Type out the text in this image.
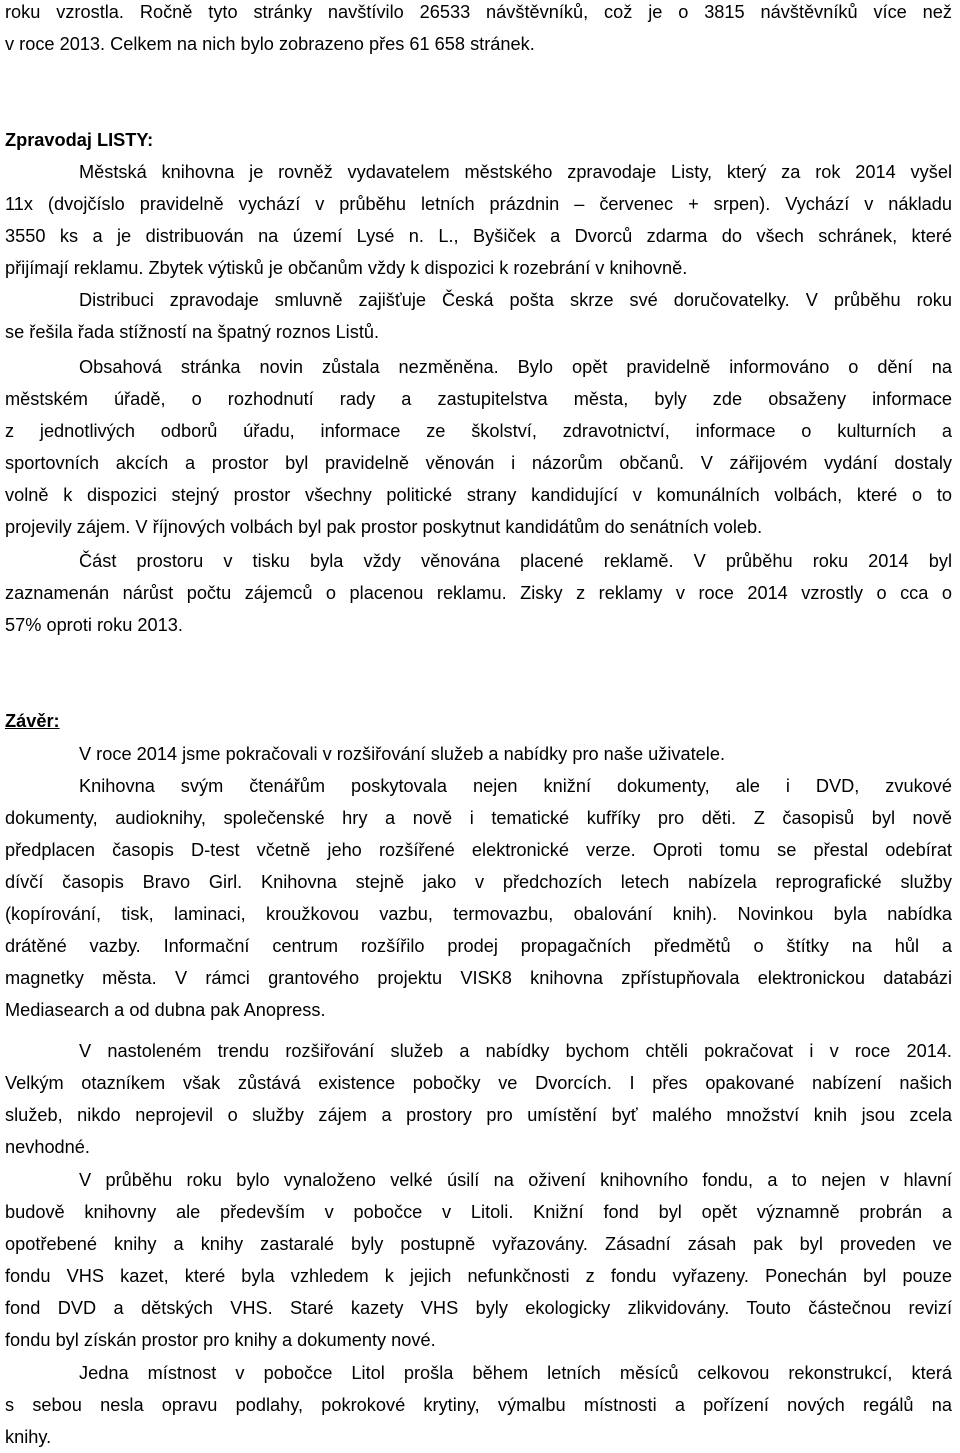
roku vzrostla. Ročně tyto stránky navštívilo 26533 návštěvníků, což je o 3815 návštěvníků více než
v roce 2013. Celkem na nich bylo zobrazeno přes 61 658 stránek.
Zpravodaj LISTY:
Městská knihovna je rovněž vydavatelem městského zpravodaje Listy, který za rok 2014 vyšel
11x (dvojčíslo pravidelně vychází v průběhu letních prázdnin – červenec + srpen). Vychází v nákladu
3550 ks a je distribuován na území Lysé n. L., Byšiček a Dvorců zdarma do všech schránek, které
přijímají reklamu. Zbytek výtisků je občanům vždy k dispozici k rozebrání v knihovně.
Distribuci zpravodaje smluvně zajišťuje Česká pošta skrze své doručovatelky. V průběhu roku
se řešila řada stížností na špatný roznos Listů.
Obsahová stránka novin zůstala nezměněna. Bylo opět pravidelně informováno o dění na
městském úřadě, o rozhodnutí rady a zastupitelstva města, byly zde obsaženy informace
z jednotlivých odborů úřadu, informace ze školství, zdravotnictví, informace o kulturních a
sportovních akcích a prostor byl pravidelně věnován i názorům občanů. V zářijovém vydání dostaly
volně k dispozici stejný prostor všechny politické strany kandidující v komunálních volbách, které o to
projevily zájem. V říjnových volbách byl pak prostor poskytnut kandidátům do senátních voleb.
Část prostoru v tisku byla vždy věnována placené reklamě. V průběhu roku 2014 byl
zaznamenán nárůst počtu zájemců o placenou reklamu. Zisky z reklamy v roce 2014 vzrostly o cca o
57% oproti roku 2013.
Závěr:
V roce 2014 jsme pokračovali v rozšiřování služeb a nabídky pro naše uživatele.
Knihovna svým čtenářům poskytovala nejen knižní dokumenty, ale i DVD, zvukové
dokumenty, audioknihy, společenské hry a nově i tematické kufříky pro děti. Z časopisů byl nově
předplacen časopis D-test včetně jeho rozšířené elektronické verze. Oproti tomu se přestal odebírat
dívčí časopis Bravo Girl. Knihovna stejně jako v předchozích letech nabízela reprografické služby
(kopírování, tisk, laminaci, kroužkovou vazbu, termovazbu, obalování knih). Novinkou byla nabídka
drátěné vazby. Informační centrum rozšířilo prodej propagačních předmětů o štítky na hůl a
magnetky města. V rámci grantového projektu VISK8 knihovna zpřístupňovala elektronickou databázi
Mediasearch a od dubna pak Anopress.
V nastoleném trendu rozšiřování služeb a nabídky bychom chtěli pokračovat i v roce 2014.
Velkým otazníkem však zůstává existence pobočky ve Dvorcích. I přes opakované nabízení našich
služeb, nikdo neprojevil o služby zájem a prostory pro umístění byť malého množství knih jsou zcela
nevhodné.
V průběhu roku bylo vynaloženo velké úsilí na oživení knihovního fondu, a to nejen v hlavní
budově knihovny ale především v pobočce v Litoli. Knižní fond byl opět významně probrán a
opotřebené knihy a knihy zastaralé byly postupně vyřazovány. Zásadní zásah pak byl proveden ve
fondu VHS kazet, které byla vzhledem k jejich nefunkčnosti z fondu vyřazeny. Ponechán byl pouze
fond DVD a dětských VHS. Staré kazety VHS byly ekologicky zlikvidovány. Touto částečnou revizí
fondu byl získán prostor pro knihy a dokumenty nové.
Jedna místnost v pobočce Litol prošla během letních měsíců celkovou rekonstrukcí, která
s sebou nesla opravu podlahy, pokrokové krytiny, výmalbu místnosti a pořízení nových regálů na
knihy.
